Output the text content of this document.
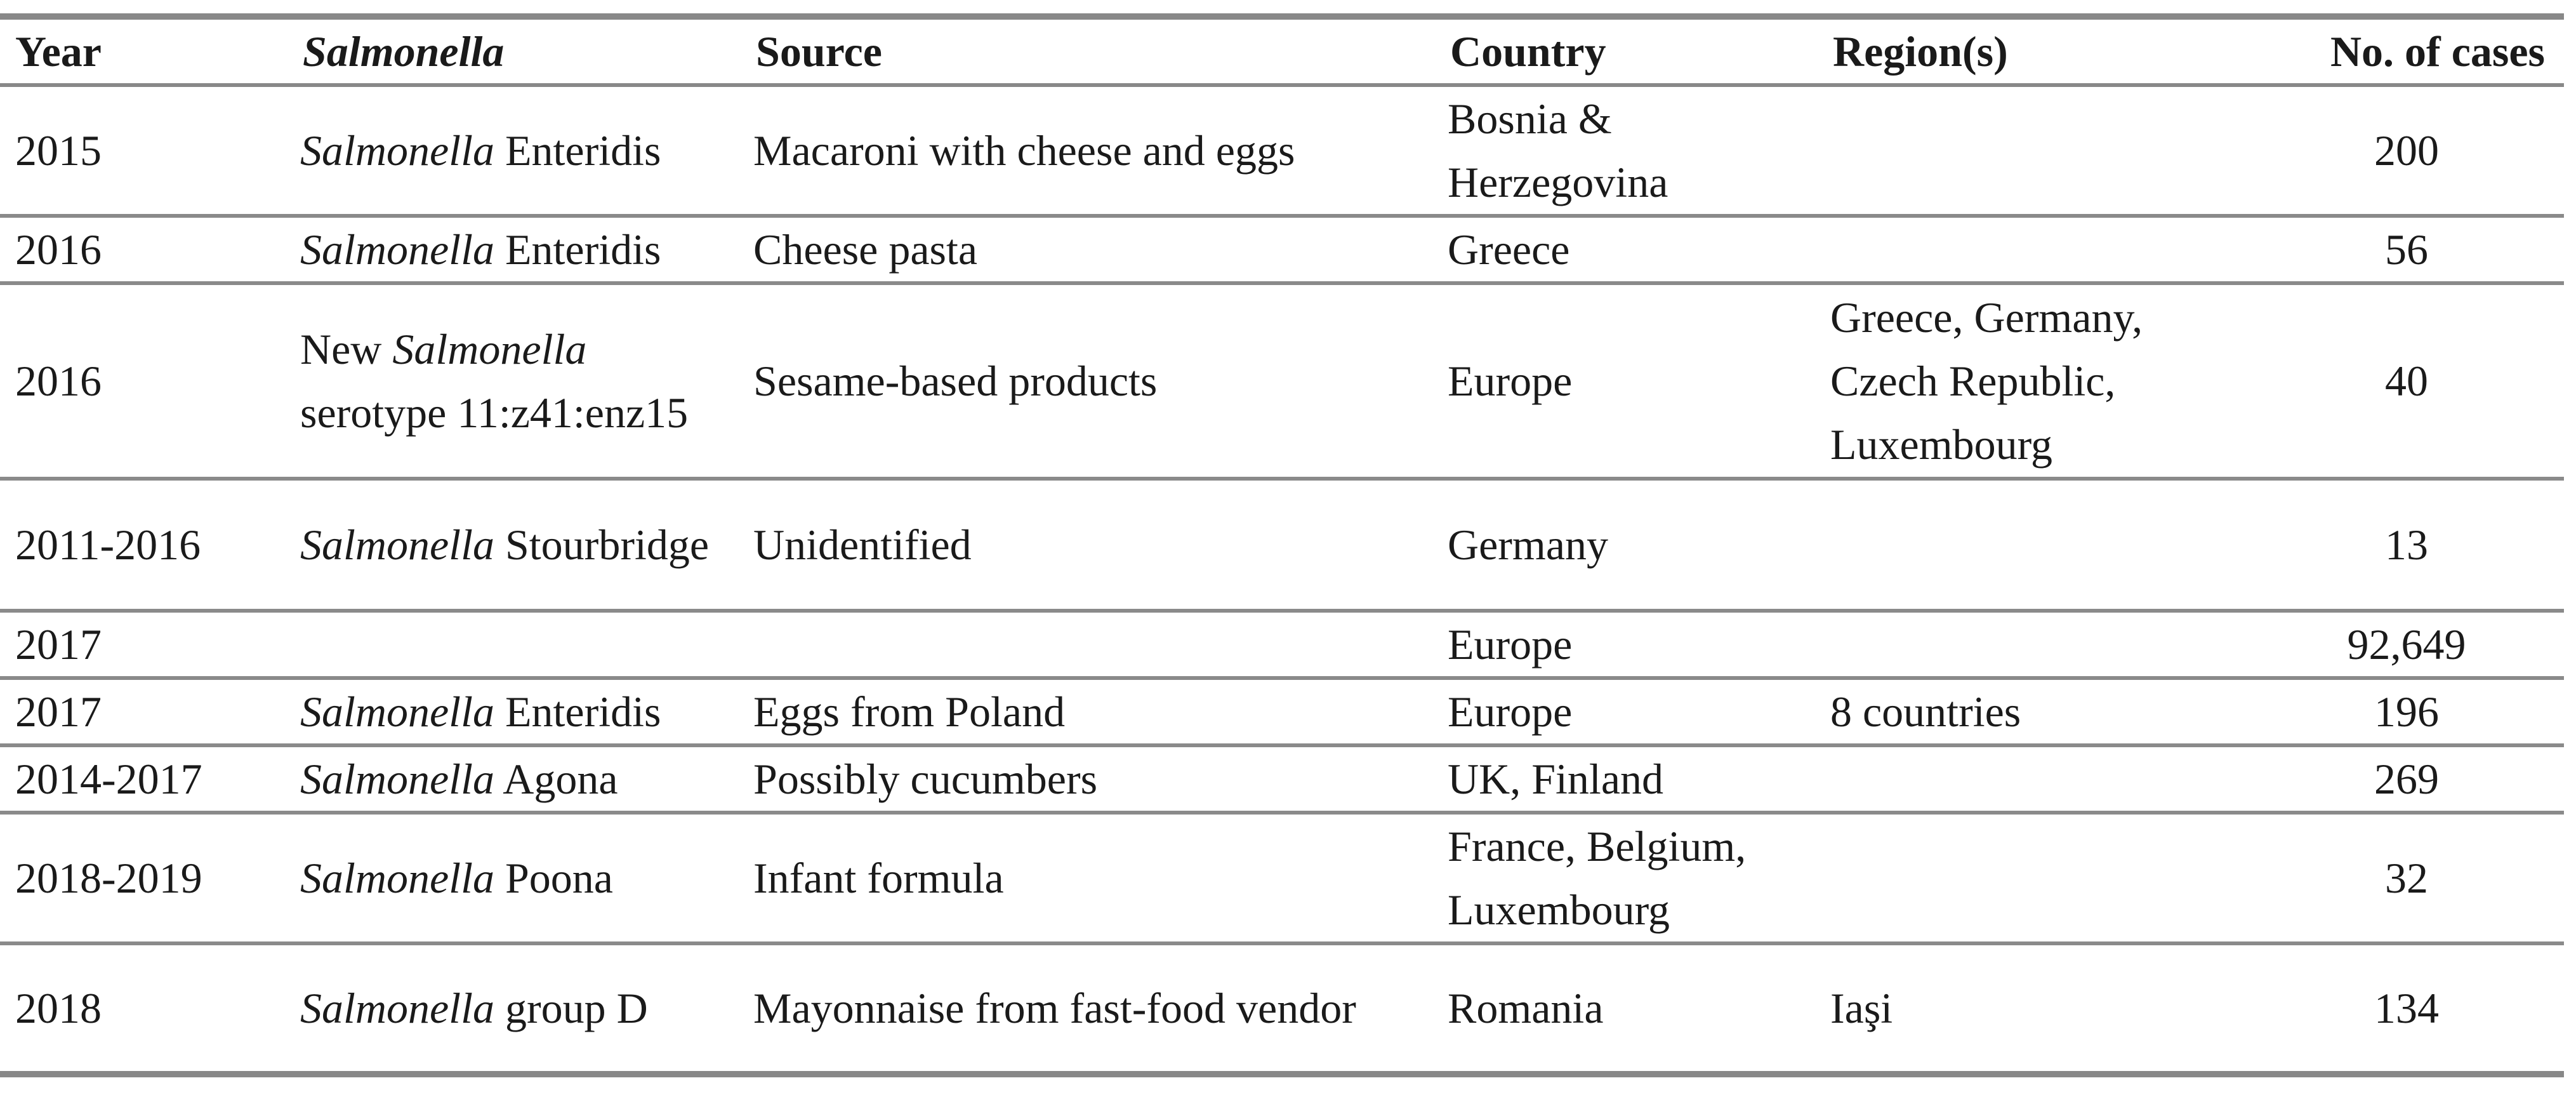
Year	Salmonella	Source	Country	Region(s)	No. of cases
2015	Salmonella Enteridis	Macaroni with cheese and eggs	Bosnia & Herzegovina		200
2016	Salmonella Enteridis	Cheese pasta	Greece		56
2016	New Salmonella serotype 11:z41:enz15	Sesame-based products	Europe	Greece, Germany, Czech Republic, Luxembourg	40
2011-2016	Salmonella Stourbridge	Unidentified	Germany		13
2017			Europe		92,649
2017	Salmonella Enteridis	Eggs from Poland	Europe	8 countries	196
2014-2017	Salmonella Agona	Possibly cucumbers	UK, Finland		269
2018-2019	Salmonella Poona	Infant formula	France, Belgium, Luxembourg		32
2018	Salmonella group D	Mayonnaise from fast-food vendor	Romania	Iaşi	134
